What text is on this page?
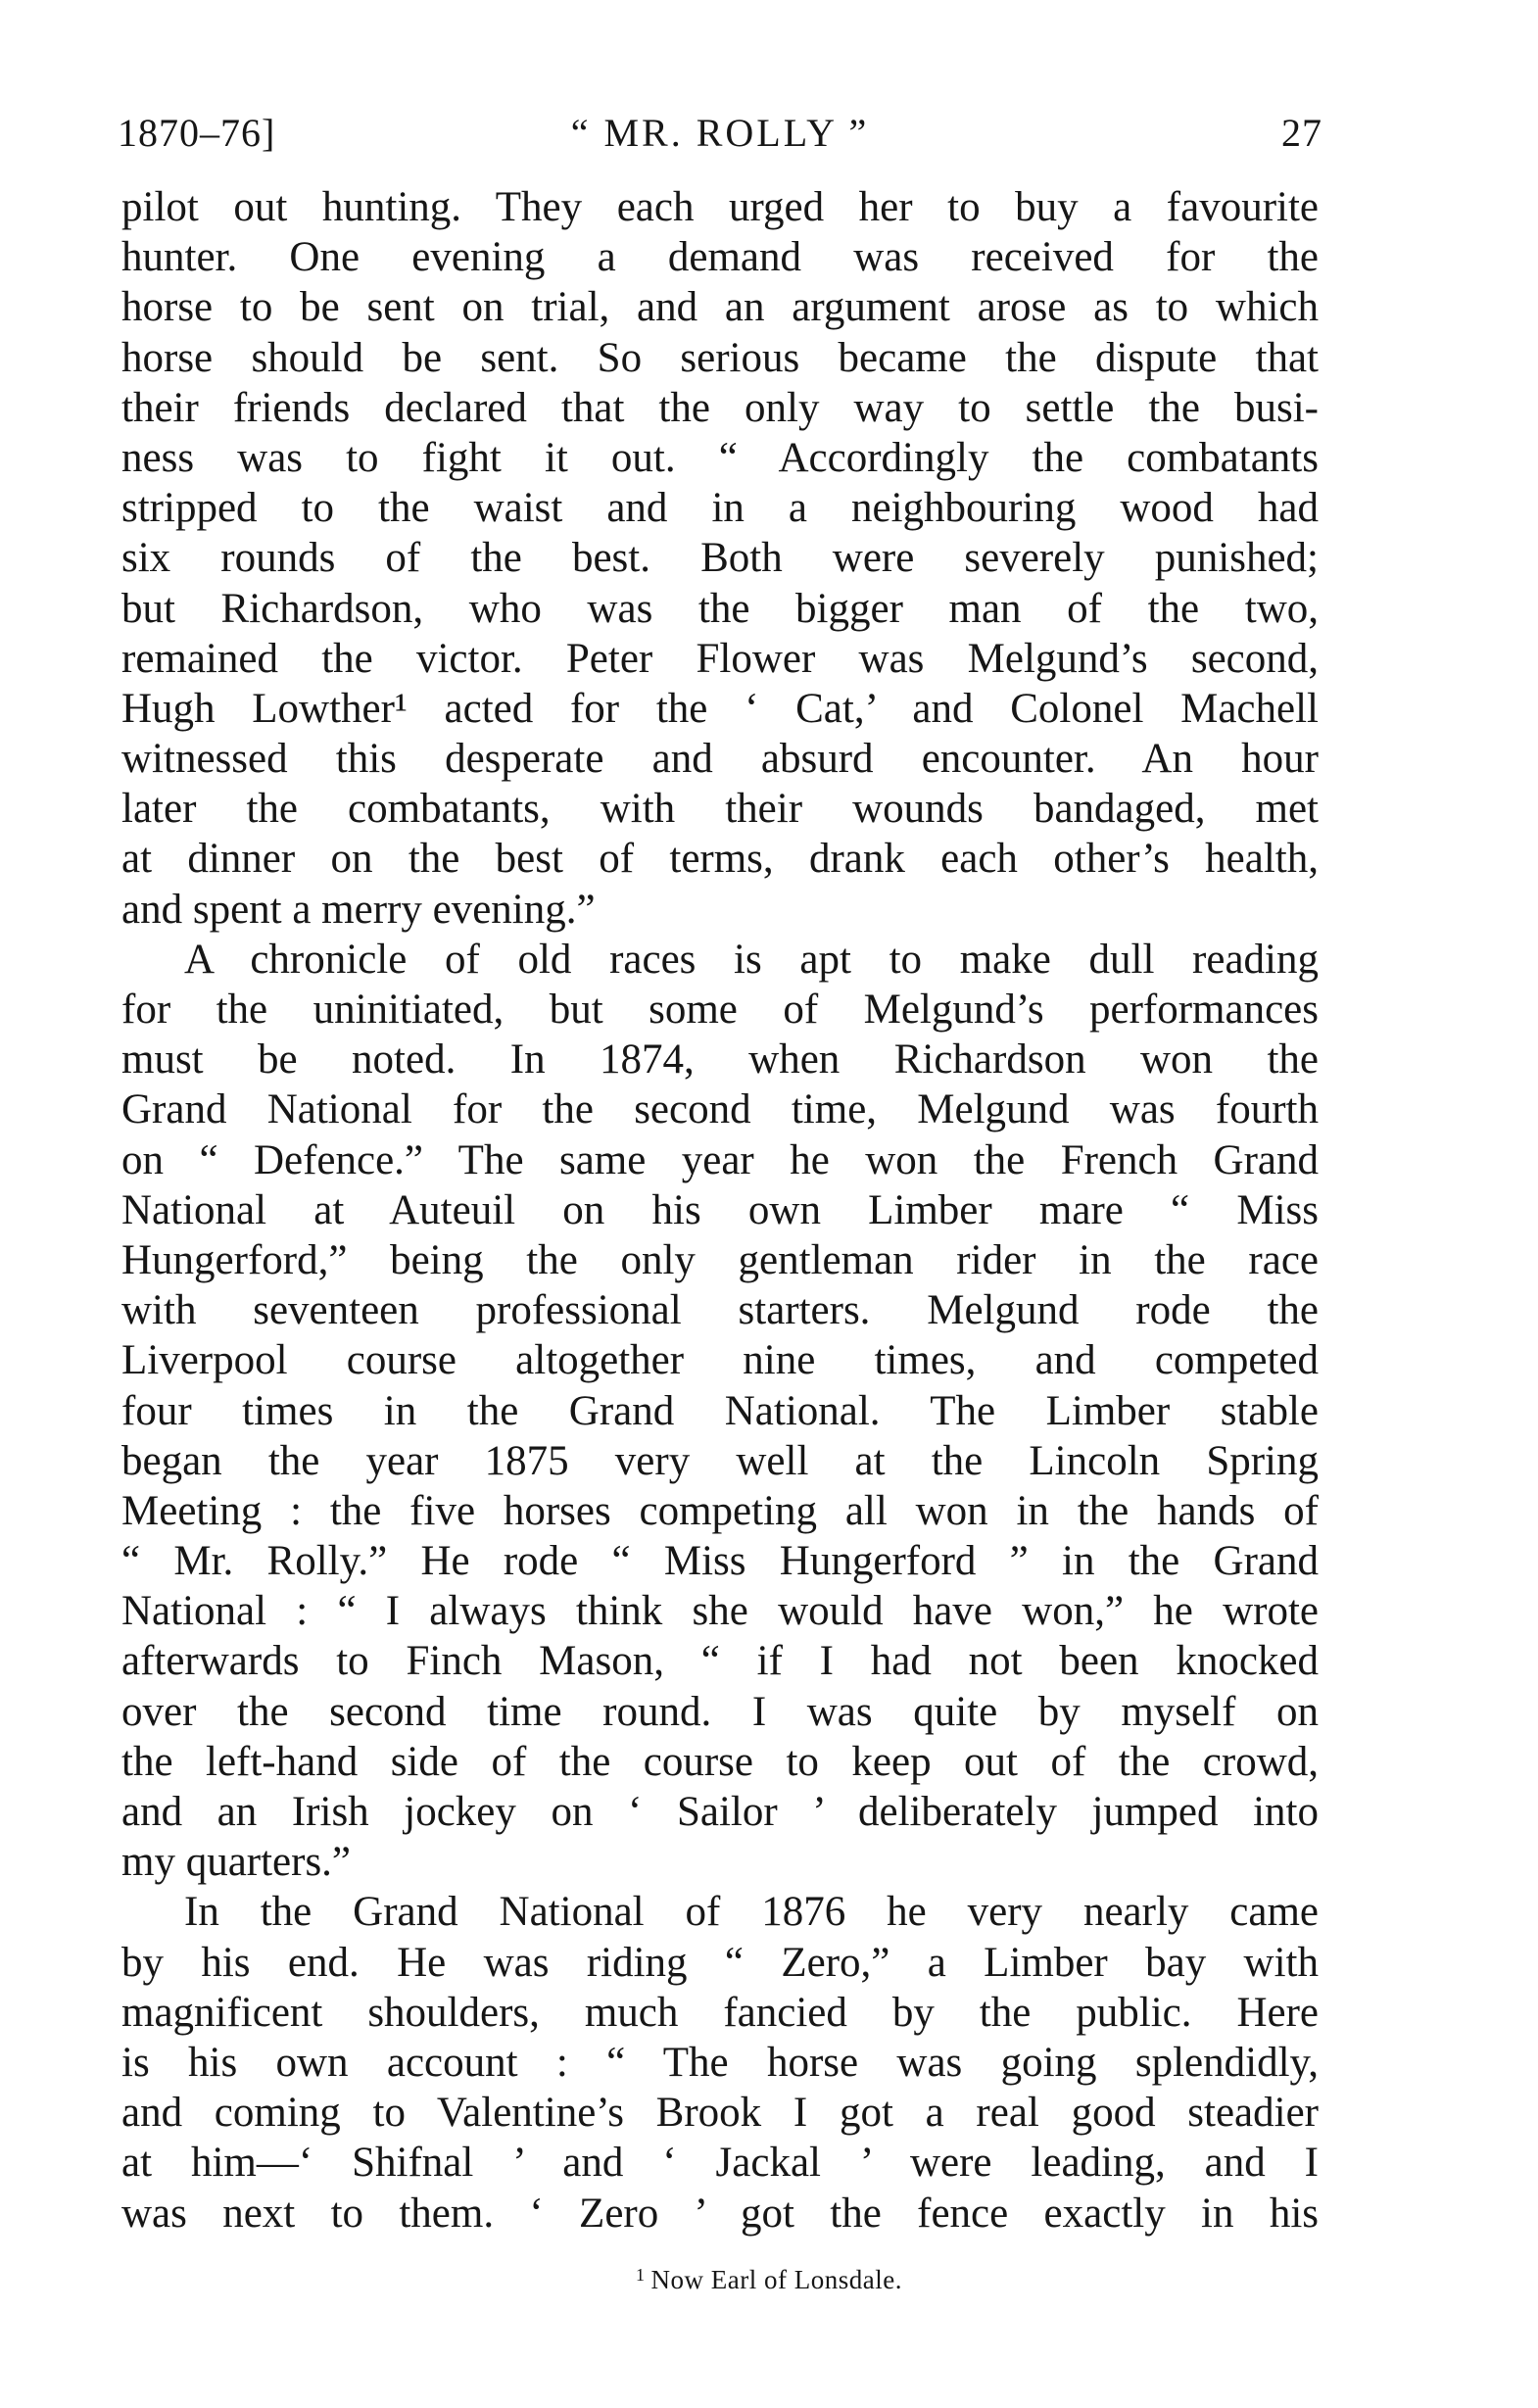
1870–76]	“ MR. ROLLY ”	27
pilot out hunting. They each urged her to buy a favourite
hunter. One evening a demand was received for the
horse to be sent on trial, and an argument arose as to which
horse should be sent. So serious became the dispute that
their friends declared that the only way to settle the busi-
ness was to fight it out. “ Accordingly the combatants
stripped to the waist and in a neighbouring wood had
six rounds of the best. Both were severely punished;
but Richardson, who was the bigger man of the two,
remained the victor. Peter Flower was Melgund’s second,
Hugh Lowther¹ acted for the ‘ Cat,’ and Colonel Machell
witnessed this desperate and absurd encounter. An hour
later the combatants, with their wounds bandaged, met
at dinner on the best of terms, drank each other’s health,
and spent a merry evening.”
A chronicle of old races is apt to make dull reading
for the uninitiated, but some of Melgund’s performances
must be noted. In 1874, when Richardson won the
Grand National for the second time, Melgund was fourth
on “ Defence.” The same year he won the French Grand
National at Auteuil on his own Limber mare “ Miss
Hungerford,” being the only gentleman rider in the race
with seventeen professional starters. Melgund rode the
Liverpool course altogether nine times, and competed
four times in the Grand National. The Limber stable
began the year 1875 very well at the Lincoln Spring
Meeting : the five horses competing all won in the hands of
“ Mr. Rolly.” He rode “ Miss Hungerford ” in the Grand
National : “ I always think she would have won,” he wrote
afterwards to Finch Mason, “ if I had not been knocked
over the second time round. I was quite by myself on
the left-hand side of the course to keep out of the crowd,
and an Irish jockey on ‘ Sailor ’ deliberately jumped into
my quarters.”
In the Grand National of 1876 he very nearly came
by his end. He was riding “ Zero,” a Limber bay with
magnificent shoulders, much fancied by the public. Here
is his own account : “ The horse was going splendidly,
and coming to Valentine’s Brook I got a real good steadier
at him—‘ Shifnal ’ and ‘ Jackal ’ were leading, and I
was next to them. ‘ Zero ’ got the fence exactly in his
$^1$ Now Earl of Lonsdale.
